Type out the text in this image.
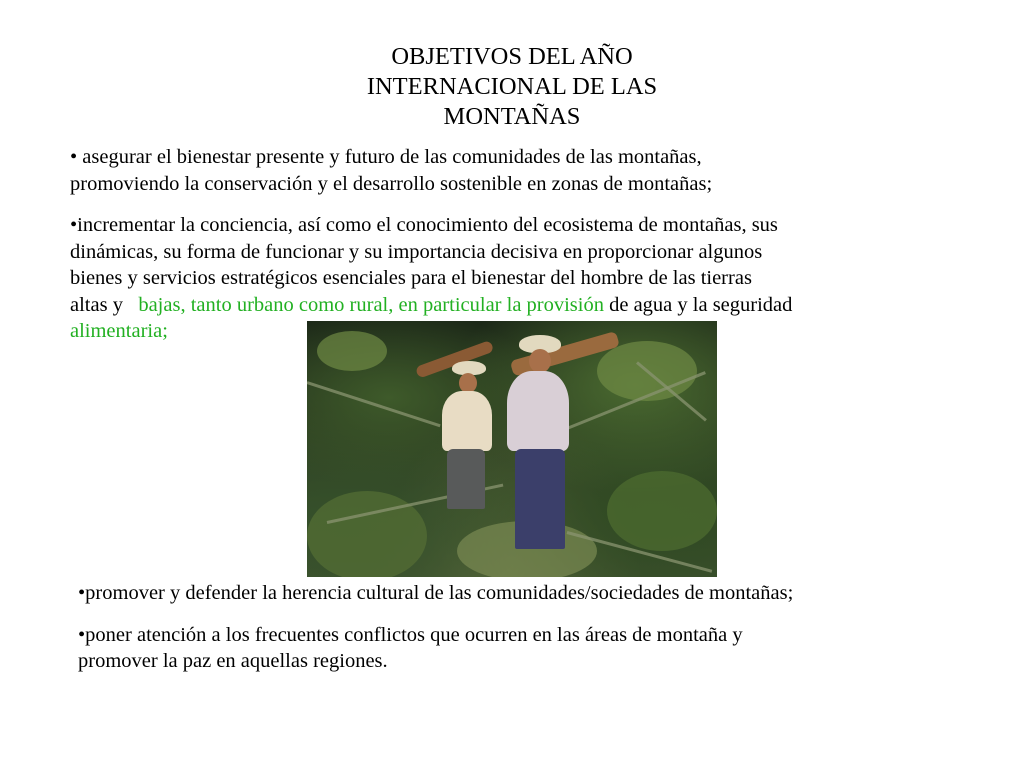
OBJETIVOS DEL AÑO
INTERNACIONAL DE LAS
MONTAÑAS
• asegurar el bienestar presente y futuro de las comunidades de las montañas,
promoviendo la conservación y el desarrollo sostenible en zonas de montañas;
•incrementar la conciencia, así como el conocimiento del ecosistema de montañas, sus
dinámicas, su forma de funcionar y su importancia decisiva en proporcionar algunos
bienes y servicios estratégicos esenciales para el bienestar del hombre de las tierras
altas y   bajas, tanto urbano como rural, en particular la provisión de agua y la seguridad
alimentaria;
•promover y defender la herencia cultural de las comunidades/sociedades de montañas;
•poner atención a los frecuentes conflictos que ocurren en las áreas de montaña y
promover la paz en aquellas regiones.
